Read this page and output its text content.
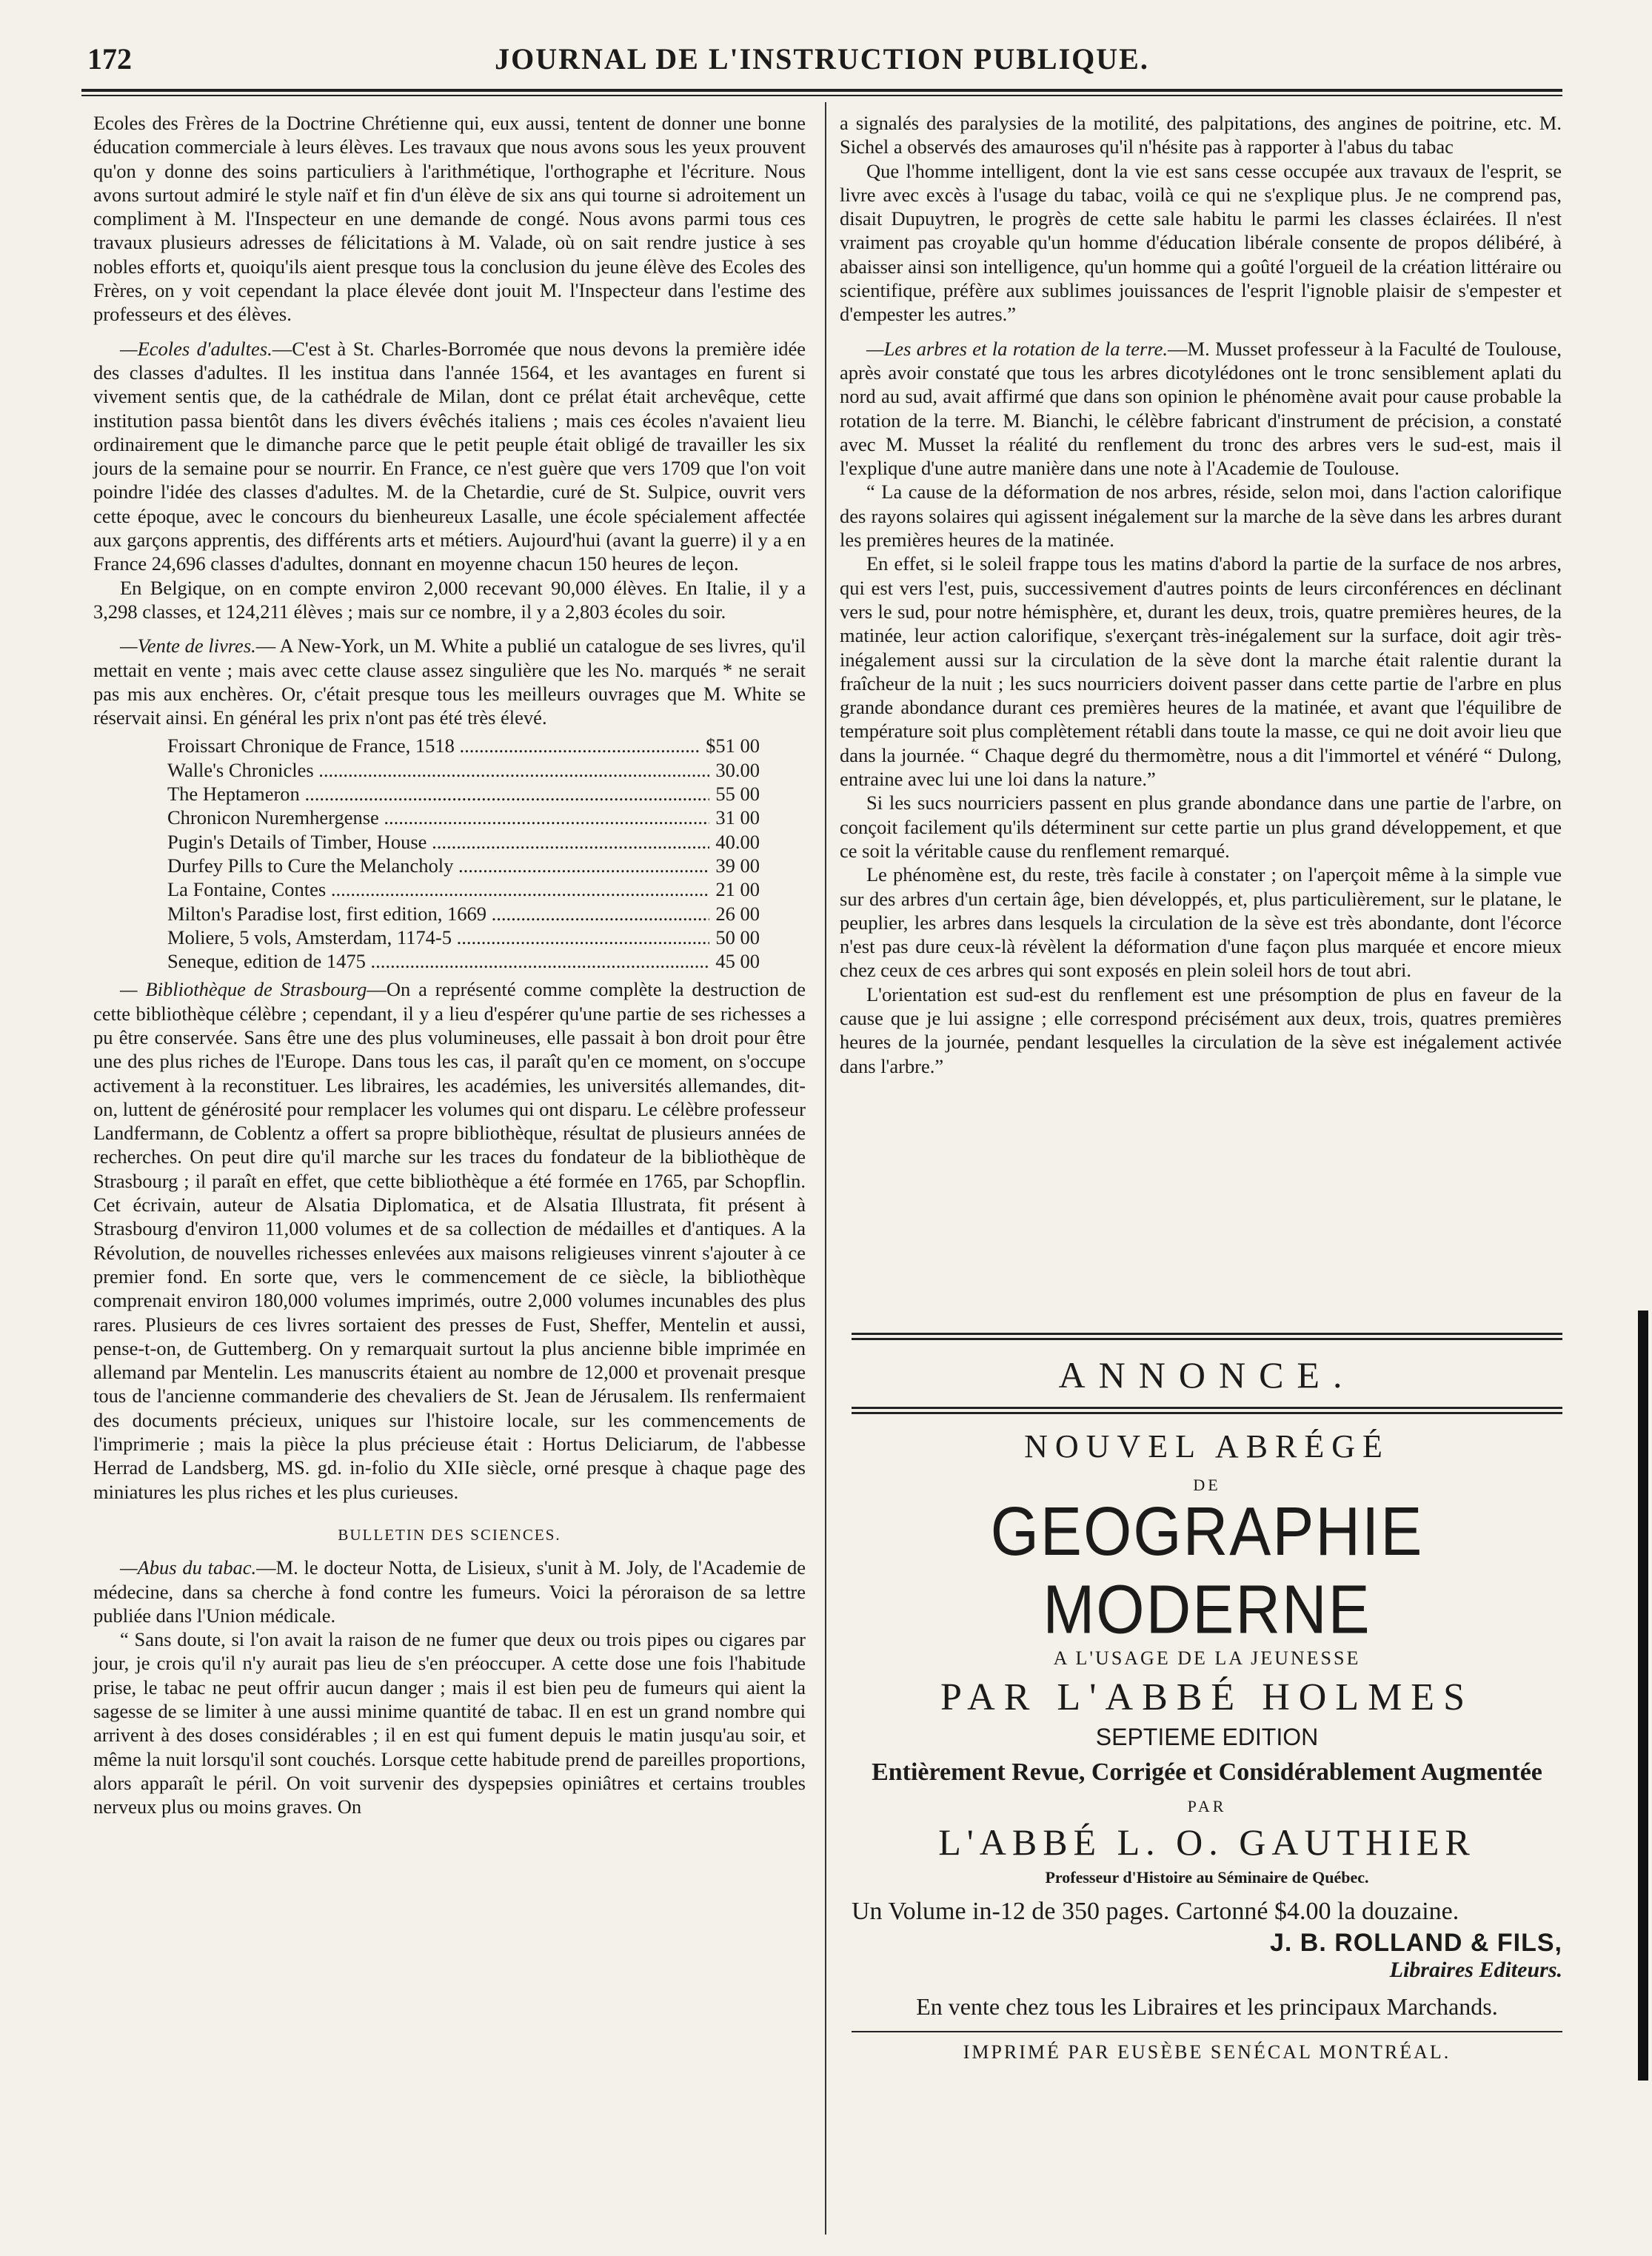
172	JOURNAL DE L'INSTRUCTION PUBLIQUE.

Ecoles des Frères de la Doctrine Chrétienne qui, eux aussi, tentent de donner une bonne éducation commerciale à leurs élèves. Les travaux que nous avons sous les yeux prouvent qu'on y donne des soins particuliers à l'arithmétique, l'orthographe et l'écriture. Nous avons surtout admiré le style naïf et fin d'un élève de six ans qui tourne si adroitement un compliment à M. l'Inspecteur en une demande de congé. Nous avons parmi tous ces travaux plusieurs adresses de félicitations à M. Valade, où on sait rendre justice à ses nobles efforts et, quoiqu'ils aient presque tous la conclusion du jeune élève des Ecoles des Frères, on y voit cependant la place élevée dont jouit M. l'Inspecteur dans l'estime des professeurs et des élèves.

—Ecoles d'adultes.—C'est à St. Charles-Borromée que nous devons la première idée des classes d'adultes. Il les institua dans l'année 1564, et les avantages en furent si vivement sentis que, de la cathédrale de Milan, dont ce prélat était archevêque, cette institution passa bientôt dans les divers évêchés italiens ; mais ces écoles n'avaient lieu ordinairement que le dimanche parce que le petit peuple était obligé de travailler les six jours de la semaine pour se nourrir. En France, ce n'est guère que vers 1709 que l'on voit poindre l'idée des classes d'adultes. M. de la Chetardie, curé de St. Sulpice, ouvrit vers cette époque, avec le concours du bienheureux Lasalle, une école spécialement affectée aux garçons apprentis, des différents arts et métiers. Aujourd'hui (avant la guerre) il y a en France 24,696 classes d'adultes, donnant en moyenne chacun 150 heures de leçon.

En Belgique, on en compte environ 2,000 recevant 90,000 élèves. En Italie, il y a 3,298 classes, et 124,211 élèves ; mais sur ce nombre, il y a 2,803 écoles du soir.

—Vente de livres.— A New-York, un M. White a publié un catalogue de ses livres, qu'il mettait en vente ; mais avec cette clause assez singulière que les No. marqués * ne serait pas mis aux enchères. Or, c'était presque tous les meilleurs ouvrages que M. White se réservait ainsi. En général les prix n'ont pas été très élevé.

Froissart Chronique de France, 1518 .....	$51 00
Walle's Chronicles .....	30.00
The Heptameron .....	55 00
Chronicon Nuremhergense .....	31 00
Pugin's Details of Timber, House .....	40.00
Durfey Pills to Cure the Melancholy .....	39 00
La Fontaine, Contes .....	21 00
Milton's Paradise lost, first edition, 1669 .....	26 00
Moliere, 5 vols, Amsterdam, 1174-5 .....	50 00
Seneque, edition de 1475 .....	45 00

— Bibliothèque de Strasbourg—On a représenté comme complète la destruction de cette bibliothèque célèbre ; cependant, il y a lieu d'espérer qu'une partie de ses richesses a pu être conservée. Sans être une des plus volumineuses, elle passait à bon droit pour être une des plus riches de l'Europe. Dans tous les cas, il paraît qu'en ce moment, on s'occupe activement à la reconstituer. Les libraires, les académies, les universités allemandes, dit-on, luttent de générosité pour remplacer les volumes qui ont disparu. Le célèbre professeur Landfermann, de Coblentz a offert sa propre bibliothèque, résultat de plusieurs années de recherches. On peut dire qu'il marche sur les traces du fondateur de la bibliothèque de Strasbourg ; il paraît en effet, que cette bibliothèque a été formée en 1765, par Schopflin. Cet écrivain, auteur de Alsatia Diplomatica, et de Alsatia Illustrata, fit présent à Strasbourg d'environ 11,000 volumes et de sa collection de médailles et d'antiques. A la Révolution, de nouvelles richesses enlevées aux maisons religieuses vinrent s'ajouter à ce premier fond. En sorte que, vers le commencement de ce siècle, la bibliothèque comprenait environ 180,000 volumes imprimés, outre 2,000 volumes incunables des plus rares. Plusieurs de ces livres sortaient des presses de Fust, Sheffer, Mentelin et aussi, pense-t-on, de Guttemberg. On y remarquait surtout la plus ancienne bible imprimée en allemand par Mentelin. Les manuscrits étaient au nombre de 12,000 et provenait presque tous de l'ancienne commanderie des chevaliers de St. Jean de Jérusalem. Ils renfermaient des documents précieux, uniques sur l'histoire locale, sur les commencements de l'imprimerie ; mais la pièce la plus précieuse était : Hortus Deliciarum, de l'abbesse Herrad de Landsberg, MS. gd. in-folio du XIIe siècle, orné presque à chaque page des miniatures les plus riches et les plus curieuses.

BULLETIN DES SCIENCES.

—Abus du tabac.—M. le docteur Notta, de Lisieux, s'unit à M. Joly, de l'Academie de médecine, dans sa cherche à fond contre les fumeurs. Voici la péroraison de sa lettre publiée dans l'Union médicale.

“ Sans doute, si l'on avait la raison de ne fumer que deux ou trois pipes ou cigares par jour, je crois qu'il n'y aurait pas lieu de s'en préoccuper. A cette dose une fois l'habitude prise, le tabac ne peut offrir aucun danger ; mais il est bien peu de fumeurs qui aient la sagesse de se limiter à une aussi minime quantité de tabac. Il en est un grand nombre qui arrivent à des doses considérables ; il en est qui fument depuis le matin jusqu'au soir, et même la nuit lorsqu'il sont couchés. Lorsque cette habitude prend de pareilles proportions, alors apparaît le péril. On voit survenir des dyspepsies opiniâtres et certains troubles nerveux plus ou moins graves. On

a signalés des paralysies de la motilité, des palpitations, des angines de poitrine, etc. M. Sichel a observés des amauroses qu'il n'hésite pas à rapporter à l'abus du tabac

Que l'homme intelligent, dont la vie est sans cesse occupée aux travaux de l'esprit, se livre avec excès à l'usage du tabac, voilà ce qui ne s'explique plus. Je ne comprend pas, disait Dupuytren, le progrès de cette sale habitu le parmi les classes éclairées. Il n'est vraiment pas croyable qu'un homme d'éducation libérale consente de propos délibéré, à abaisser ainsi son intelligence, qu'un homme qui a goûté l'orgueil de la création littéraire ou scientifique, préfère aux sublimes jouissances de l'esprit l'ignoble plaisir de s'empester et d'empester les autres.”

—Les arbres et la rotation de la terre.—M. Musset professeur à la Faculté de Toulouse, après avoir constaté que tous les arbres dicotylédones ont le tronc sensiblement aplati du nord au sud, avait affirmé que dans son opinion le phénomène avait pour cause probable la rotation de la terre. M. Bianchi, le célèbre fabricant d'instrument de précision, a constaté avec M. Musset la réalité du renflement du tronc des arbres vers le sud-est, mais il l'explique d'une autre manière dans une note à l'Academie de Toulouse.

“ La cause de la déformation de nos arbres, réside, selon moi, dans l'action calorifique des rayons solaires qui agissent inégalement sur la marche de la sève dans les arbres durant les premières heures de la matinée.

En effet, si le soleil frappe tous les matins d'abord la partie de la surface de nos arbres, qui est vers l'est, puis, successivement d'autres points de leurs circonférences en déclinant vers le sud, pour notre hémisphère, et, durant les deux, trois, quatre premières heures, de la matinée, leur action calorifique, s'exerçant très-inégalement sur la surface, doit agir très-inégalement aussi sur la circulation de la sève dont la marche était ralentie durant la fraîcheur de la nuit ; les sucs nourriciers doivent passer dans cette partie de l'arbre en plus grande abondance durant ces premières heures de la matinée, et avant que l'équilibre de température soit plus complètement rétabli dans toute la masse, ce qui ne doit avoir lieu que dans la journée. “ Chaque degré du thermomètre, nous a dit l'immortel et vénéré “ Dulong, entraine avec lui une loi dans la nature.”

Si les sucs nourriciers passent en plus grande abondance dans une partie de l'arbre, on conçoit facilement qu'ils déterminent sur cette partie un plus grand développement, et que ce soit la véritable cause du renflement remarqué.

Le phénomène est, du reste, très facile à constater ; on l'aperçoit même à la simple vue sur des arbres d'un certain âge, bien développés, et, plus particulièrement, sur le platane, le peuplier, les arbres dans lesquels la circulation de la sève est très abondante, dont l'écorce n'est pas dure ceux-là révèlent la déformation d'une façon plus marquée et encore mieux chez ceux de ces arbres qui sont exposés en plein soleil hors de tout abri.

L'orientation est sud-est du renflement est une présomption de plus en faveur de la cause que je lui assigne ; elle correspond précisément aux deux, trois, quatres premières heures de la journée, pendant lesquelles la circulation de la sève est inégalement activée dans l'arbre.”

ANNONCE.
NOUVEL ABRÉGÉ
DE
GEOGRAPHIE MODERNE
A L'USAGE DE LA JEUNESSE
PAR L'ABBÉ HOLMES
SEPTIEME EDITION
Entièrement Revue, Corrigée et Considérablement Augmentée
PAR
L'ABBÉ L. O. GAUTHIER
Professeur d'Histoire au Séminaire de Québec.
Un Volume in-12 de 350 pages. Cartonné $4.00 la douzaine.
J. B. ROLLAND & FILS,
Libraires Editeurs.
En vente chez tous les Libraires et les principaux Marchands.
IMPRIMÉ PAR EUSÈBE SENÉCAL MONTRÉAL.
